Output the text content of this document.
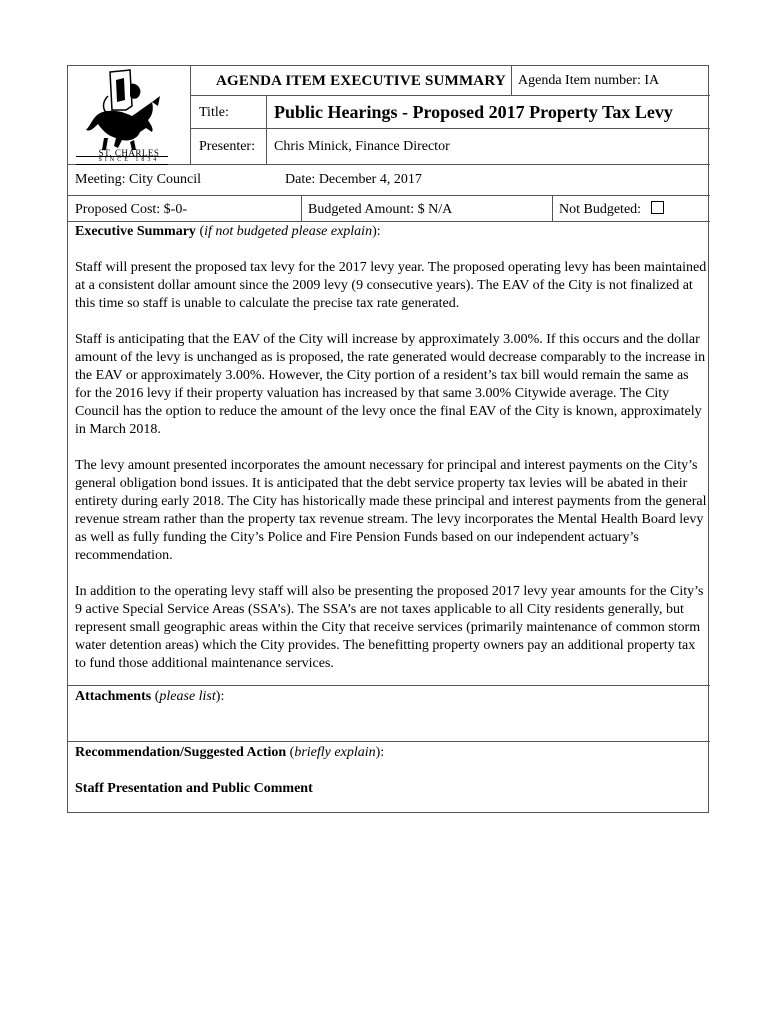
ST. CHARLES
SINCE 1834
AGENDA ITEM EXECUTIVE SUMMARY Agenda Item number: IA
Title:	Public Hearings - Proposed 2017 Property Tax Levy
Presenter: Chris Minick, Finance Director
Meeting: City Council	Date: December 4, 2017
Proposed Cost: $-0-	Budgeted Amount: $ N/A	Not Budgeted:
Executive Summary (if not budgeted please explain):

Staff will present the proposed tax levy for the 2017 levy year. The proposed operating levy has been maintained at a consistent dollar amount since the 2009 levy (9 consecutive years). The EAV of the City is not finalized at this time so staff is unable to calculate the precise tax rate generated.

Staff is anticipating that the EAV of the City will increase by approximately 3.00%. If this occurs and the dollar amount of the levy is unchanged as is proposed, the rate generated would decrease comparably to the increase in the EAV or approximately 3.00%. However, the City portion of a resident’s tax bill would remain the same as for the 2016 levy if their property valuation has increased by that same 3.00% Citywide average. The City Council has the option to reduce the amount of the levy once the final EAV of the City is known, approximately in March 2018.

The levy amount presented incorporates the amount necessary for principal and interest payments on the City’s general obligation bond issues. It is anticipated that the debt service property tax levies will be abated in their entirety during early 2018. The City has historically made these principal and interest payments from the general revenue stream rather than the property tax revenue stream. The levy incorporates the Mental Health Board levy as well as fully funding the City’s Police and Fire Pension Funds based on our independent actuary’s recommendation.

In addition to the operating levy staff will also be presenting the proposed 2017 levy year amounts for the City’s 9 active Special Service Areas (SSA’s). The SSA’s are not taxes applicable to all City residents generally, but represent small geographic areas within the City that receive services (primarily maintenance of common storm water detention areas) which the City provides. The benefitting property owners pay an additional property tax to fund those additional maintenance services.

Attachments (please list):
Recommendation/Suggested Action (briefly explain):
Staff Presentation and Public Comment
